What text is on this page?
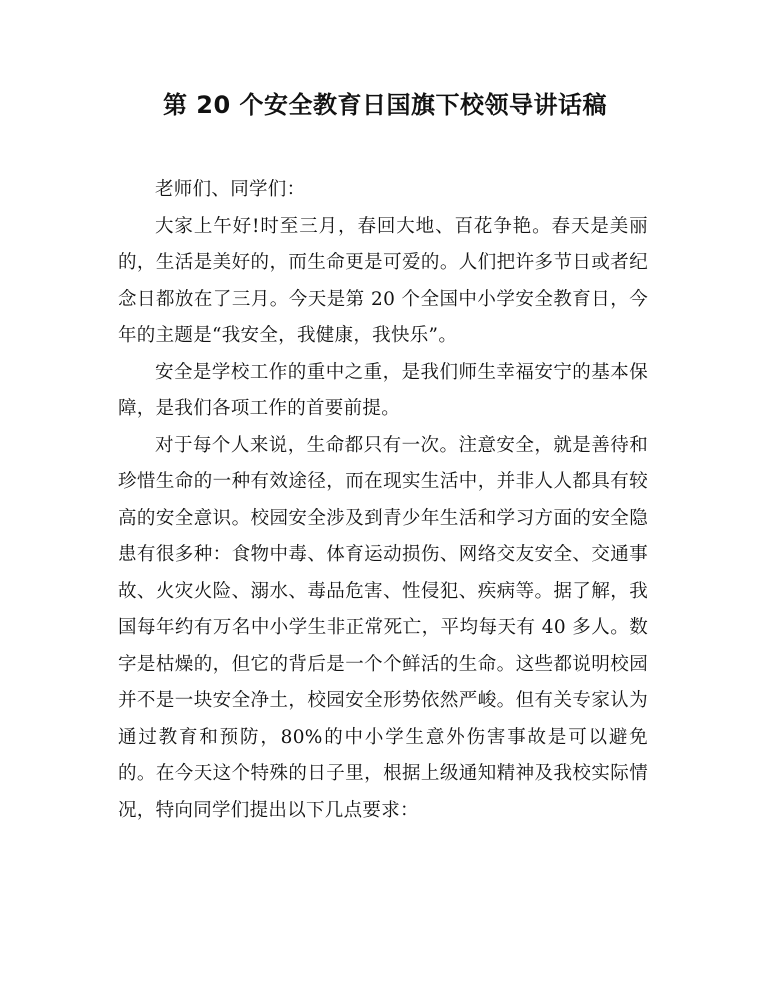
第 20 个安全教育日国旗下校领导讲话稿

老师们、同学们：

大家上午好!时至三月，春回大地、百花争艳。春天是美丽的，生活是美好的，而生命更是可爱的。人们把许多节日或者纪念日都放在了三月。今天是第 20 个全国中小学安全教育日，今年的主题是“我安全，我健康，我快乐”。

安全是学校工作的重中之重，是我们师生幸福安宁的基本保障，是我们各项工作的首要前提。

对于每个人来说，生命都只有一次。注意安全，就是善待和珍惜生命的一种有效途径，而在现实生活中，并非人人都具有较高的安全意识。校园安全涉及到青少年生活和学习方面的安全隐患有很多种：食物中毒、体育运动损伤、网络交友安全、交通事故、火灾火险、溺水、毒品危害、性侵犯、疾病等。据了解，我国每年约有万名中小学生非正常死亡，平均每天有 40 多人。数字是枯燥的，但它的背后是一个个鲜活的生命。这些都说明校园并不是一块安全净土，校园安全形势依然严峻。但有关专家认为通过教育和预防，80%的中小学生意外伤害事故是可以避免的。在今天这个特殊的日子里，根据上级通知精神及我校实际情况，特向同学们提出以下几点要求：
